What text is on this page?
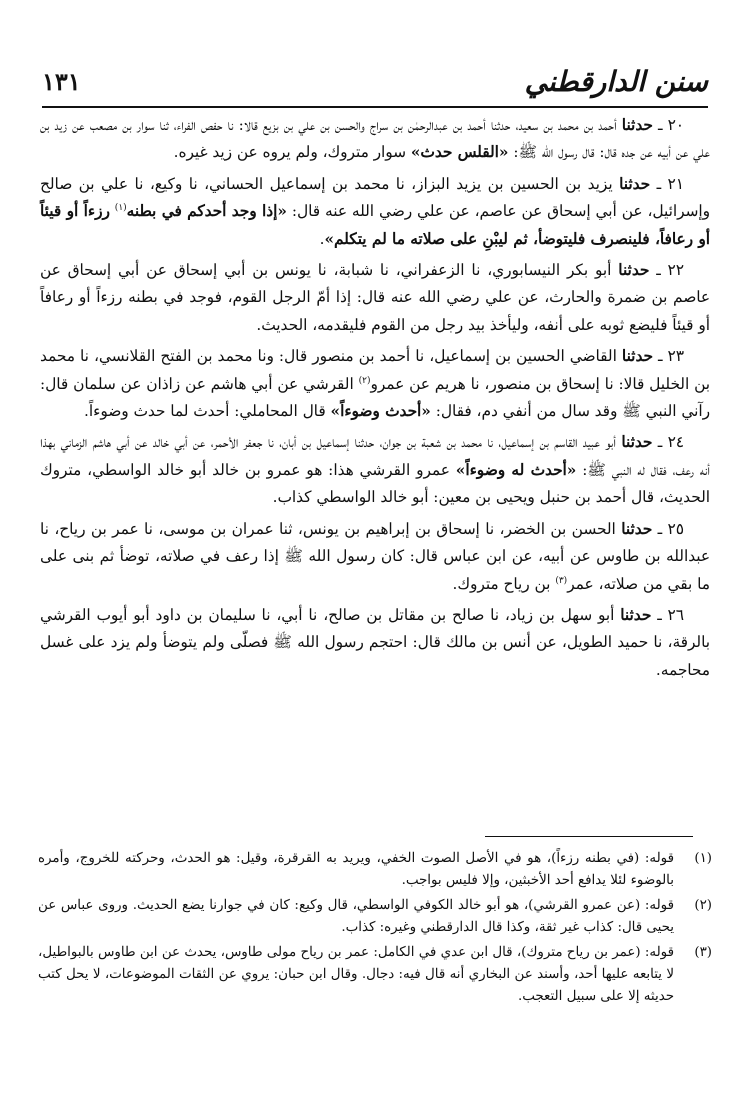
سنن الدارقطني
١٣١

٢٠ ـ حدثنا أحمد بن محمد بن سعيد، حدثنا أحمد بن عبدالرحمٰن بن سراج والحسن بن علي بن بزيع قالا: نا حفص الفراء، ثنا سوار بن مصعب عن زيد بن علي عن أبيه عن جده قال: قال رسول الله ﷺ: «القلس حدث» سوار متروك، ولم يروه عن زيد غيره.

٢١ ـ حدثنا يزيد بن الحسين بن يزيد البزاز، نا محمد بن إسماعيل الحساني، نا وكيع، نا علي بن صالح وإسرائيل، عن أبي إسحاق عن عاصم، عن علي رضي الله عنه قال: «إذا وجد أحدكم في بطنه$^{(١)}$ رزءاً أو قيئاً أو رعافاً، فلينصرف فليتوضأ، ثم ليبْنِ على صلاته ما لم يتكلم».

٢٢ ـ حدثنا أبو بكر النيسابوري، نا الزعفراني، نا شبابة، نا يونس بن أبي إسحاق عن أبي إسحاق عن عاصم بن ضمرة والحارث، عن علي رضي الله عنه قال: إذا أمّ الرجل القوم، فوجد في بطنه رزءاً أو رعافاً أو قيئاً فليضع ثوبه على أنفه، وليأخذ بيد رجل من القوم فليقدمه، الحديث.

٢٣ ـ حدثنا القاضي الحسين بن إسماعيل، نا أحمد بن منصور قال: ونا محمد بن الفتح القلانسي، نا محمد بن الخليل قالا: نا إسحاق بن منصور، نا هريم عن عمرو$^{(٢)}$ القرشي عن أبي هاشم عن زاذان عن سلمان قال: رآني النبي ﷺ وقد سال من أنفي دم، فقال: «أحدث وضوءاً» قال المحاملي: أحدث لما حدث وضوءاً.

٢٤ ـ حدثنا أبو عبيد القاسم بن إسماعيل، نا محمد بن شعبة بن جوان، حدثنا إسماعيل بن أبان، نا جعفر الأحمر، عن أبي خالد عن أبي هاشم الزماني بهذا أنه رعف، فقال له النبي ﷺ: «أحدث له وضوءاً» عمرو القرشي هذا: هو عمرو بن خالد أبو خالد الواسطي، متروك الحديث، قال أحمد بن حنبل ويحيى بن معين: أبو خالد الواسطي كذاب.

٢٥ ـ حدثنا الحسن بن الخضر، نا إسحاق بن إبراهيم بن يونس، ثنا عمران بن موسى، نا عمر بن رياح، نا عبدالله بن طاوس عن أبيه، عن ابن عباس قال: كان رسول الله ﷺ إذا رعف في صلاته، توضأ ثم بنى على ما بقي من صلاته، عمر$^{(٣)}$ بن رياح متروك.

٢٦ ـ حدثنا أبو سهل بن زياد، نا صالح بن مقاتل بن صالح، نا أبي، نا سليمان بن داود أبو أيوب القرشي بالرقة، نا حميد الطويل، عن أنس بن مالك قال: احتجم رسول الله ﷺ فصلّى ولم يتوضأ ولم يزد على غسل محاجمه.

(١)
قوله: (في بطنه رزءاً)، هو في الأصل الصوت الخفي، ويريد به القرقرة، وقيل: هو الحدث، وحركته للخروج، وأمره بالوضوء لئلا يدافع أحد الأخبثين، وإلا فليس بواجب.
(٢)
قوله: (عن عمرو القرشي)، هو أبو خالد الكوفي الواسطي، قال وكيع: كان في جوارنا يضع الحديث. وروى عباس عن يحيى قال: كذاب غير ثقة، وكذا قال الدارقطني وغيره: كذاب.
(٣)
قوله: (عمر بن رياح متروك)، قال ابن عدي في الكامل: عمر بن رياح مولى طاوس، يحدث عن ابن طاوس بالبواطيل، لا يتابعه عليها أحد، وأسند عن البخاري أنه قال فيه: دجال. وقال ابن حبان: يروي عن الثقات الموضوعات، لا يحل كتب حديثه إلا على سبيل التعجب.
